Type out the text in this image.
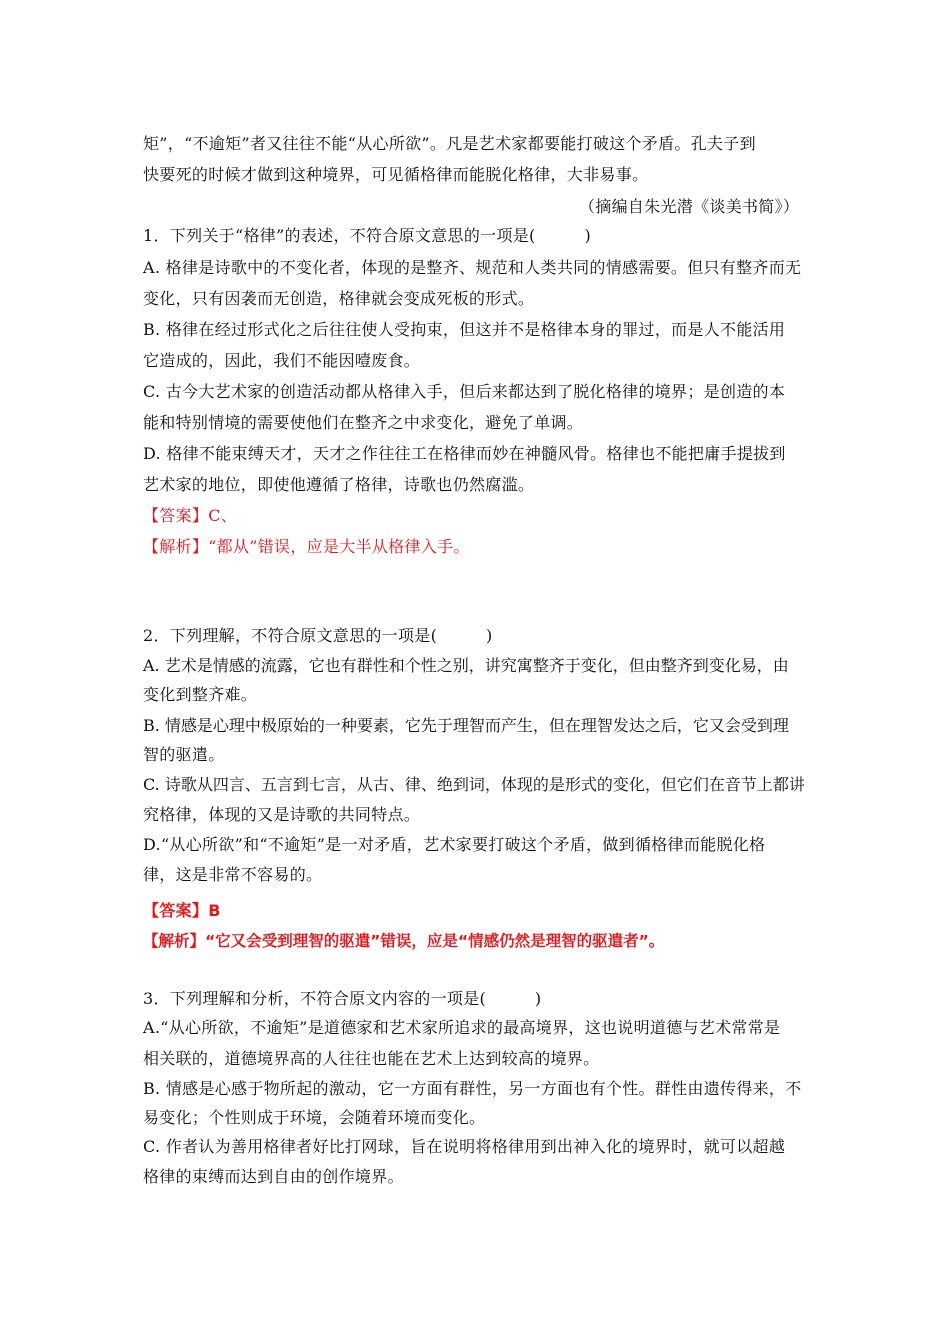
矩”，“不逾矩”者又往往不能“从心所欲”。凡是艺术家都要能打破这个矛盾。孔夫子到
快要死的时候才做到这种境界，可见循格律而能脱化格律，大非易事。
（摘编自朱光潜《谈美书简》）
1．下列关于“格律”的表述，不符合原文意思的一项是(　　　)
A. 格律是诗歌中的不变化者，体现的是整齐、规范和人类共同的情感需要。但只有整齐而无
变化，只有因袭而无创造，格律就会变成死板的形式。
B. 格律在经过形式化之后往往使人受拘束，但这并不是格律本身的罪过，而是人不能活用
它造成的，因此，我们不能因噎废食。
C. 古今大艺术家的创造活动都从格律入手，但后来都达到了脱化格律的境界；是创造的本
能和特别情境的需要使他们在整齐之中求变化，避免了单调。
D. 格律不能束缚天才，天才之作往往工在格律而妙在神髓风骨。格律也不能把庸手提拔到
艺术家的地位，即使他遵循了格律，诗歌也仍然腐滥。
【答案】C、
【解析】“都从”错误，应是大半从格律入手。
2．下列理解，不符合原文意思的一项是(　　　)
A. 艺术是情感的流露，它也有群性和个性之别，讲究寓整齐于变化，但由整齐到变化易，由
变化到整齐难。
B. 情感是心理中极原始的一种要素，它先于理智而产生，但在理智发达之后，它又会受到理
智的驱遣。
C. 诗歌从四言、五言到七言，从古、律、绝到词，体现的是形式的变化，但它们在音节上都讲
究格律，体现的又是诗歌的共同特点。
D.“从心所欲”和“不逾矩”是一对矛盾，艺术家要打破这个矛盾，做到循格律而能脱化格
律，这是非常不容易的。
【答案】B
【解析】“它又会受到理智的驱遣”错误，应是“情感仍然是理智的驱遣者”。
3．下列理解和分析，不符合原文内容的一项是(　　　)
A.“从心所欲，不逾矩”是道德家和艺术家所追求的最高境界，这也说明道德与艺术常常是
相关联的，道德境界高的人往往也能在艺术上达到较高的境界。
B. 情感是心感于物所起的激动，它一方面有群性，另一方面也有个性。群性由遗传得来，不
易变化；个性则成于环境，会随着环境而变化。
C. 作者认为善用格律者好比打网球，旨在说明将格律用到出神入化的境界时，就可以超越
格律的束缚而达到自由的创作境界。
